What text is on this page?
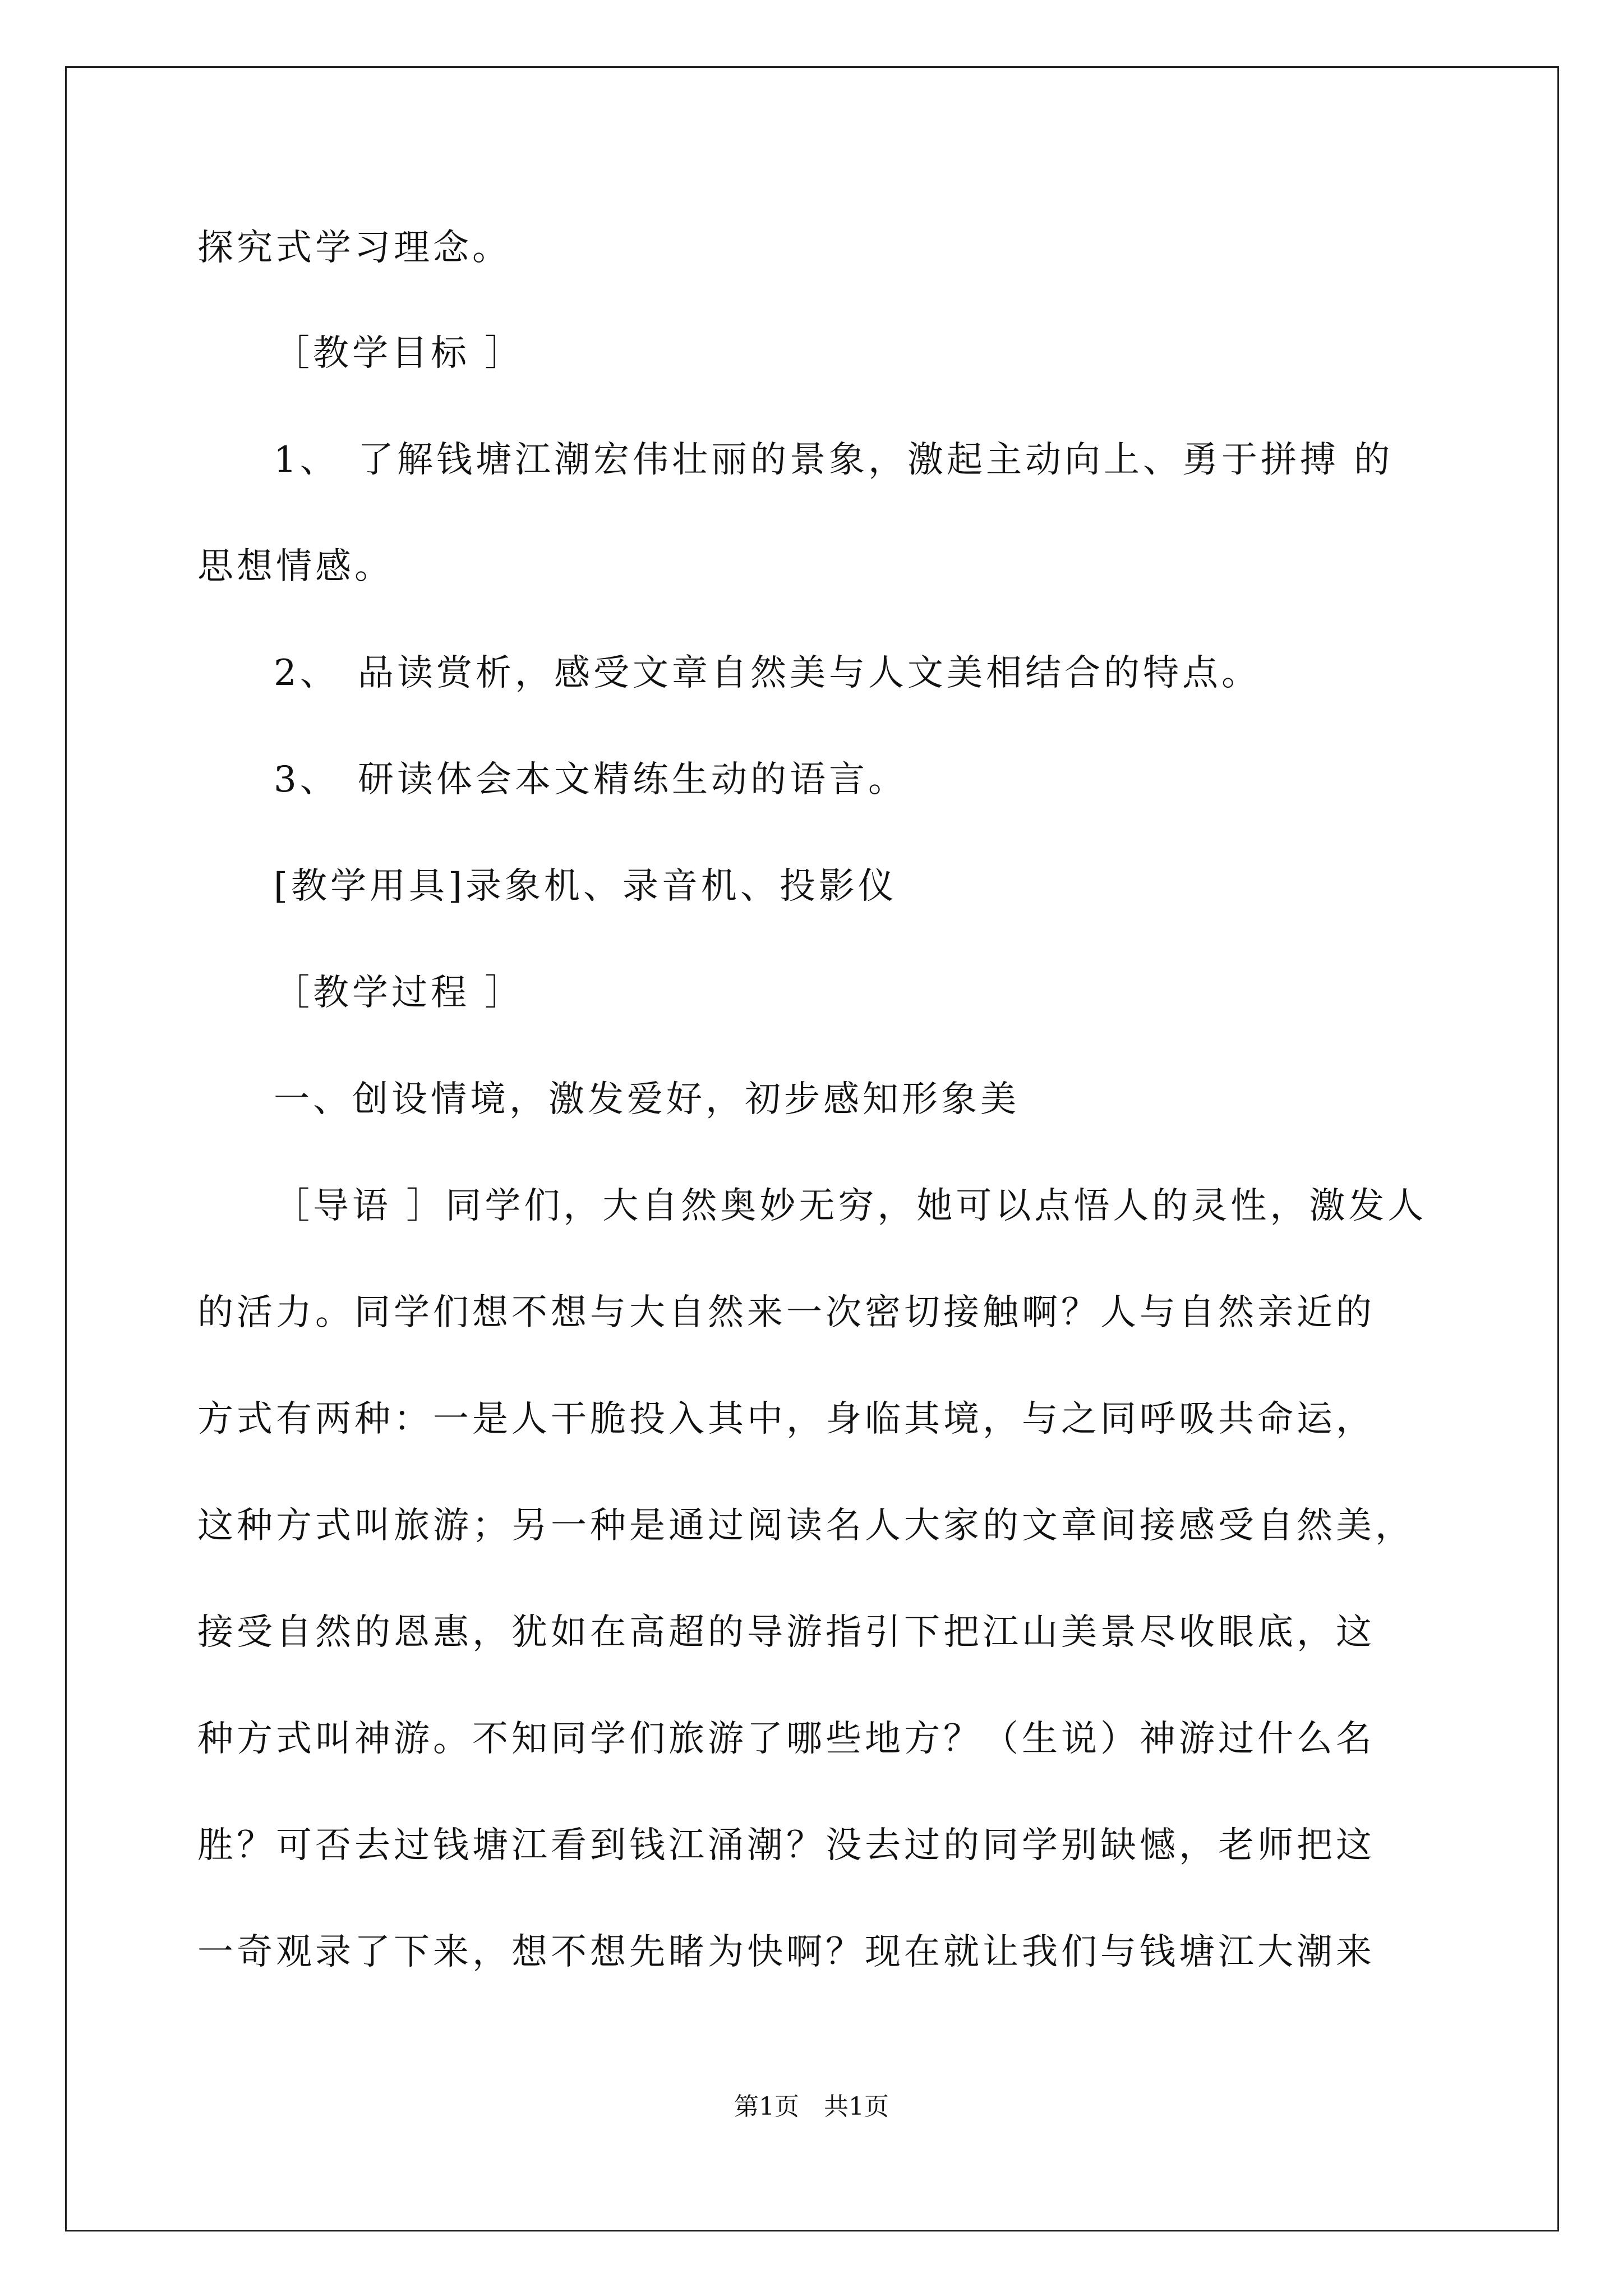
探究式学习理念。
［教学目标 ］
1、 了解钱塘江潮宏伟壮丽的景象，激起主动向上、勇于拼搏 的
思想情感。
2、 品读赏析，感受文章自然美与人文美相结合的特点。
3、 研读体会本文精练生动的语言。
[教学用具]录象机、录音机、投影仪
［教学过程 ］
一、创设情境，激发爱好，初步感知形象美
［导语 ］同学们，大自然奥妙无穷，她可以点悟人的灵性，激发人
的活力。同学们想不想与大自然来一次密切接触啊？人与自然亲近的
方式有两种：一是人干脆投入其中，身临其境，与之同呼吸共命运，
这种方式叫旅游；另一种是通过阅读名人大家的文章间接感受自然美，
接受自然的恩惠，犹如在高超的导游指引下把江山美景尽收眼底，这
种方式叫神游。不知同学们旅游了哪些地方？（生说）神游过什么名
胜？可否去过钱塘江看到钱江涌潮？没去过的同学别缺憾，老师把这
一奇观录了下来，想不想先睹为快啊？现在就让我们与钱塘江大潮来
第1页 共1页
